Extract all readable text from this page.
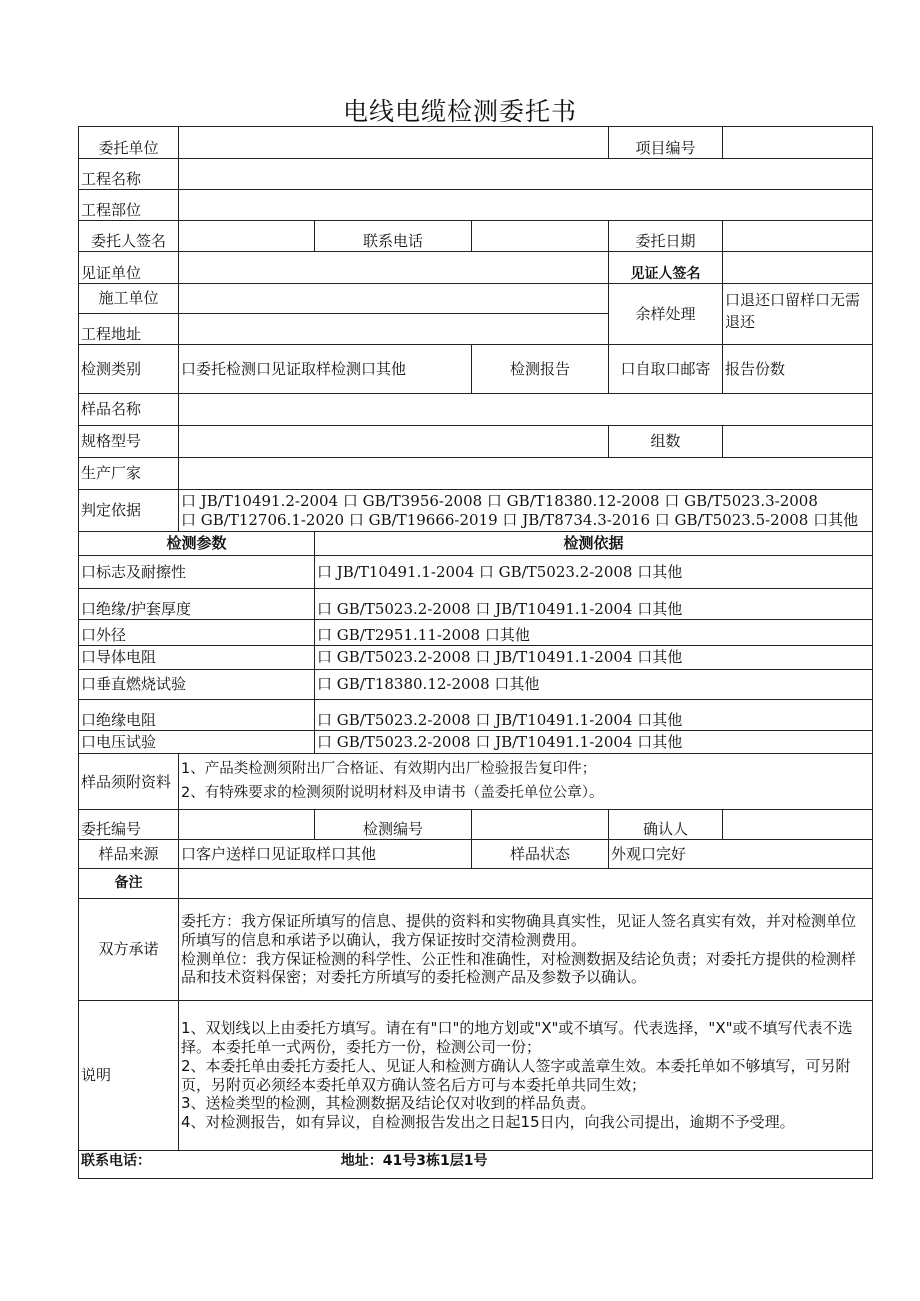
电线电缆检测委托书
委托单位				项目编号	
工程名称					
工程部位					
委托人签名		联系电话		委托日期	
见证单位				见证人签名	
施工单位				余样处理	口退还口留样口无需退还
工程地址					
检测类别	口委托检测口见证取样检测口其他		检测报告	口自取口邮寄	报告份数
样品名称					
规格型号				组数	
生产厂家					
判定依据	口 JB/T10491.2-2004 口 GB/T3956-2008 口 GB/T18380.12-2008 口 GB/T5023.3-2008
口 GB/T12706.1-2020 口 GB/T19666-2019 口 JB/T8734.3-2016 口 GB/T5023.5-2008 口其他				

检测参数		检测依据			
口标志及耐擦性		口 JB/T10491.1-2004 口 GB/T5023.2-2008 口其他			
口绝缘/护套厚度		口 GB/T5023.2-2008 口 JB/T10491.1-2004 口其他			
口外径		口 GB/T2951.11-2008 口其他			
口导体电阻		口 GB/T5023.2-2008 口 JB/T10491.1-2004 口其他			
口垂直燃烧试验		口 GB/T18380.12-2008 口其他			
口绝缘电阻		口 GB/T5023.2-2008 口 JB/T10491.1-2004 口其他			
口电压试验		口 GB/T5023.2-2008 口 JB/T10491.1-2004 口其他			
样品须附资料	1、产品类检测须附出厂合格证、有效期内出厂检验报告复印件；
2、有特殊要求的检测须附说明材料及申请书（盖委托单位公章）。				

委托编号		检测编号		确认人	
样品来源	口客户送样口见证取样口其他		样品状态	外观口完好	
备注					
双方承诺	委托方：我方保证所填写的信息、提供的资料和实物确具真实性，见证人签名真实有效，并对检测单位所填写的信息和承诺予以确认，我方保证按时交清检测费用。
检测单位：我方保证检测的科学性、公正性和准确性，对检测数据及结论负责；对委托方提供的检测样品和技术资料保密；对委托方所填写的委托检测产品及参数予以确认。				

说明	1、双划线以上由委托方填写。请在有"口"的地方划或"X"或不填写。代表选择，"X"或不填写代表不选择。本委托单一式两份，委托方一份，检测公司一份；
2、本委托单由委托方委托人、见证人和检测方确认人签字或盖章生效。本委托单如不够填写，可另附页，另附页必须经本委托单双方确认签名后方可与本委托单共同生效；
3、送检类型的检测，其检测数据及结论仅对收到的样品负责。
4、对检测报告，如有异议，自检测报告发出之日起15日内，向我公司提出，逾期不予受理。				

联系电话： 地址：41号3栋1层1号					
